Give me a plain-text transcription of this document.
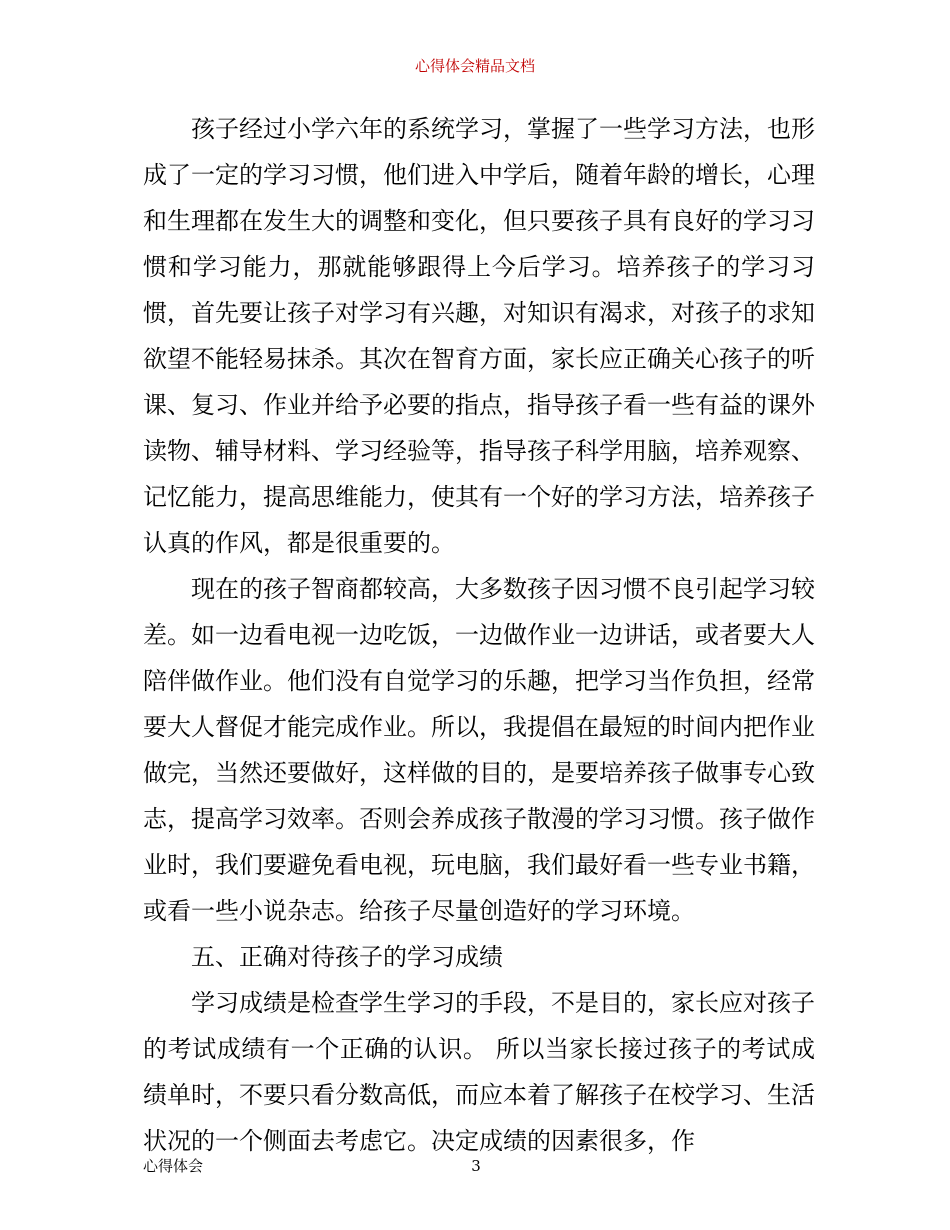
心得体会精品文档

孩子经过小学六年的系统学习，掌握了一些学习方法，也形成了一定的学习习惯，他们进入中学后，随着年龄的增长，心理和生理都在发生大的调整和变化，但只要孩子具有良好的学习习惯和学习能力，那就能够跟得上今后学习。培养孩子的学习习惯，首先要让孩子对学习有兴趣，对知识有渴求，对孩子的求知欲望不能轻易抹杀。其次在智育方面，家长应正确关心孩子的听课、复习、作业并给予必要的指点，指导孩子看一些有益的课外读物、辅导材料、学习经验等，指导孩子科学用脑，培养观察、记忆能力，提高思维能力，使其有一个好的学习方法，培养孩子认真的作风，都是很重要的。

现在的孩子智商都较高，大多数孩子因习惯不良引起学习较差。如一边看电视一边吃饭，一边做作业一边讲话，或者要大人陪伴做作业。他们没有自觉学习的乐趣，把学习当作负担，经常要大人督促才能完成作业。所以，我提倡在最短的时间内把作业做完，当然还要做好，这样做的目的，是要培养孩子做事专心致志，提高学习效率。否则会养成孩子散漫的学习习惯。孩子做作业时，我们要避免看电视，玩电脑，我们最好看一些专业书籍，或看一些小说杂志。给孩子尽量创造好的学习环境。

五、正确对待孩子的学习成绩

学习成绩是检查学生学习的手段，不是目的，家长应对孩子的考试成绩有一个正确的认识。 所以当家长接过孩子的考试成绩单时，不要只看分数高低，而应本着了解孩子在校学习、生活状况的一个侧面去考虑它。决定成绩的因素很多，作

心得体会	3
